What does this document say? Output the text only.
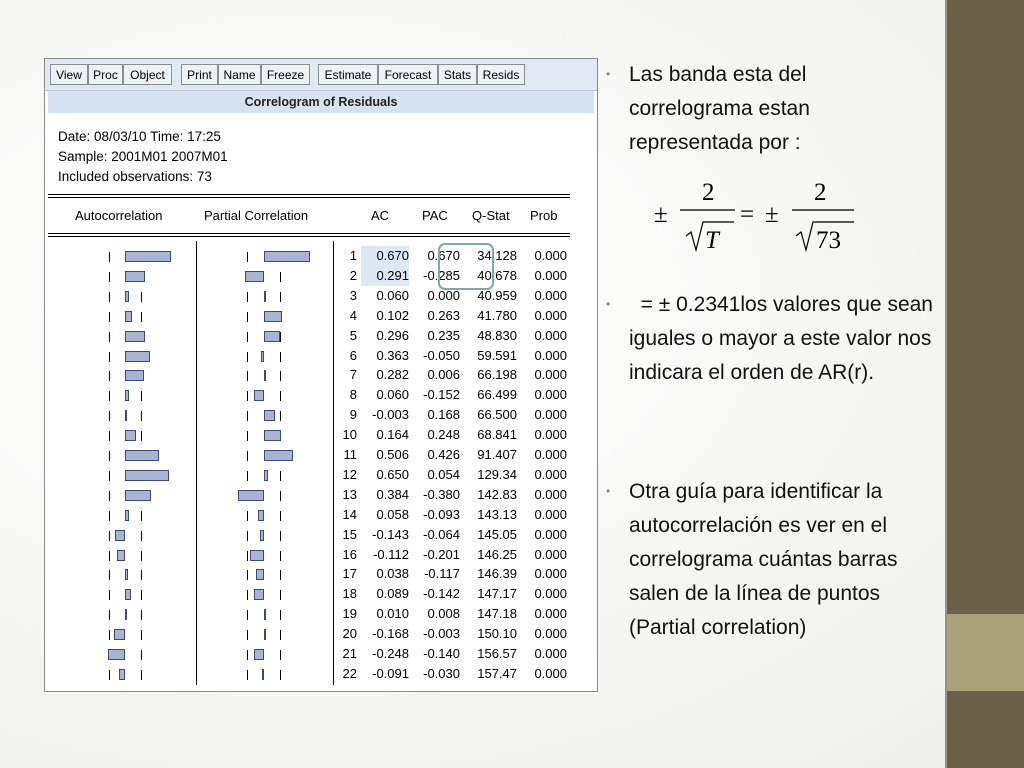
View Proc	Object	Print Name Freeze	Estimate	Forecast	Stats Resids
Correlogram of Residuals
Date: 08/03/10 Time: 17:25
Sample: 2001M01 2007M01
Included observations: 73
Autocorrelation	Partial Correlation	AC	PAC Q-Stat Prob
1	0.670	0.670	34.128	0.000
2	0.291	-0.285	40.678	0.000
3	0.060	0.000	40.959	0.000
4	0.102	0.263	41.780	0.000
5	0.296	0.235	48.830	0.000
6	0.363	-0.050	59.591	0.000
7	0.282	0.006	66.198	0.000
8	0.060	-0.152	66.499	0.000
9	-0.003	0.168	66.500	0.000
10	0.164	0.248	68.841	0.000
11	0.506	0.426	91.407	0.000
12	0.650	0.054	129.34	0.000
13	0.384	-0.380	142.83	0.000
14	0.058	-0.093	143.13	0.000
15	-0.143	-0.064	145.05	0.000
16	-0.112	-0.201	146.25	0.000
17	0.038	-0.117	146.39	0.000
18	0.089	-0.142	147.17	0.000
19	0.010	0.008	147.18	0.000
20	-0.168	-0.003	150.10	0.000
21	-0.248	-0.140	156.57	0.000
22	-0.091	-0.030	157.47	0.000
• Las banda esta del correlograma estan representada por :
±
2
T
= ±
2
73
• = ± 0.2341los valores que sean iguales o mayor a este valor nos indicara el orden de AR(r).
• Otra guía para identificar la autocorrelación es ver en el correlograma cuántas barras salen de la línea de puntos (Partial correlation)
